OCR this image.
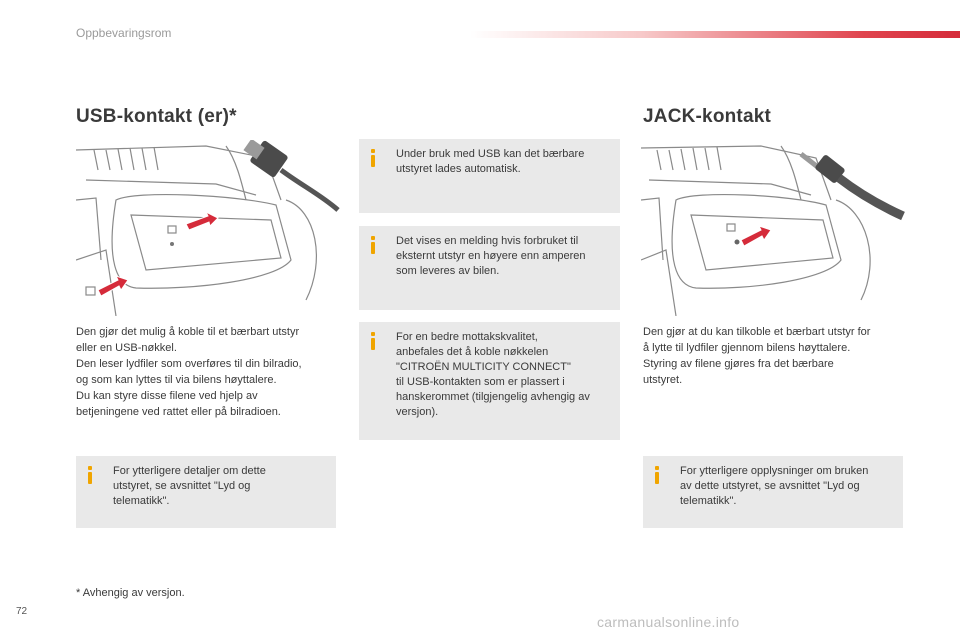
Oppbevaringsrom
USB-kontakt (er)*

Den gjør det mulig å koble til et bærbart utstyr

eller en USB-nøkkel.

Den leser lydfiler som overføres til din bilradio,

og som kan lyttes til via bilens høyttalere.

Du kan styre disse filene ved hjelp av

betjeningene ved rattet eller på bilradioen.

For ytterligere detaljer om dette
utstyret, se avsnittet "Lyd og
telematikk".
Under bruk med USB kan det bærbare
utstyret lades automatisk.
Det vises en melding hvis forbruket til
eksternt utstyr en høyere enn amperen
som leveres av bilen.
For en bedre mottakskvalitet,
anbefales det å koble nøkkelen
"CITROËN MULTICITY CONNECT"
til USB-kontakten som er plassert i
hanskerommet (tilgjengelig avhengig av
versjon).
JACK-kontakt

Den gjør at du kan tilkoble et bærbart utstyr for

å lytte til lydfiler gjennom bilens høyttalere.

Styring av filene gjøres fra det bærbare

utstyret.

For ytterligere opplysninger om bruken
av dette utstyret, se avsnittet "Lyd og
telematikk".
* Avhengig av versjon.
72
carmanualsonline.info
